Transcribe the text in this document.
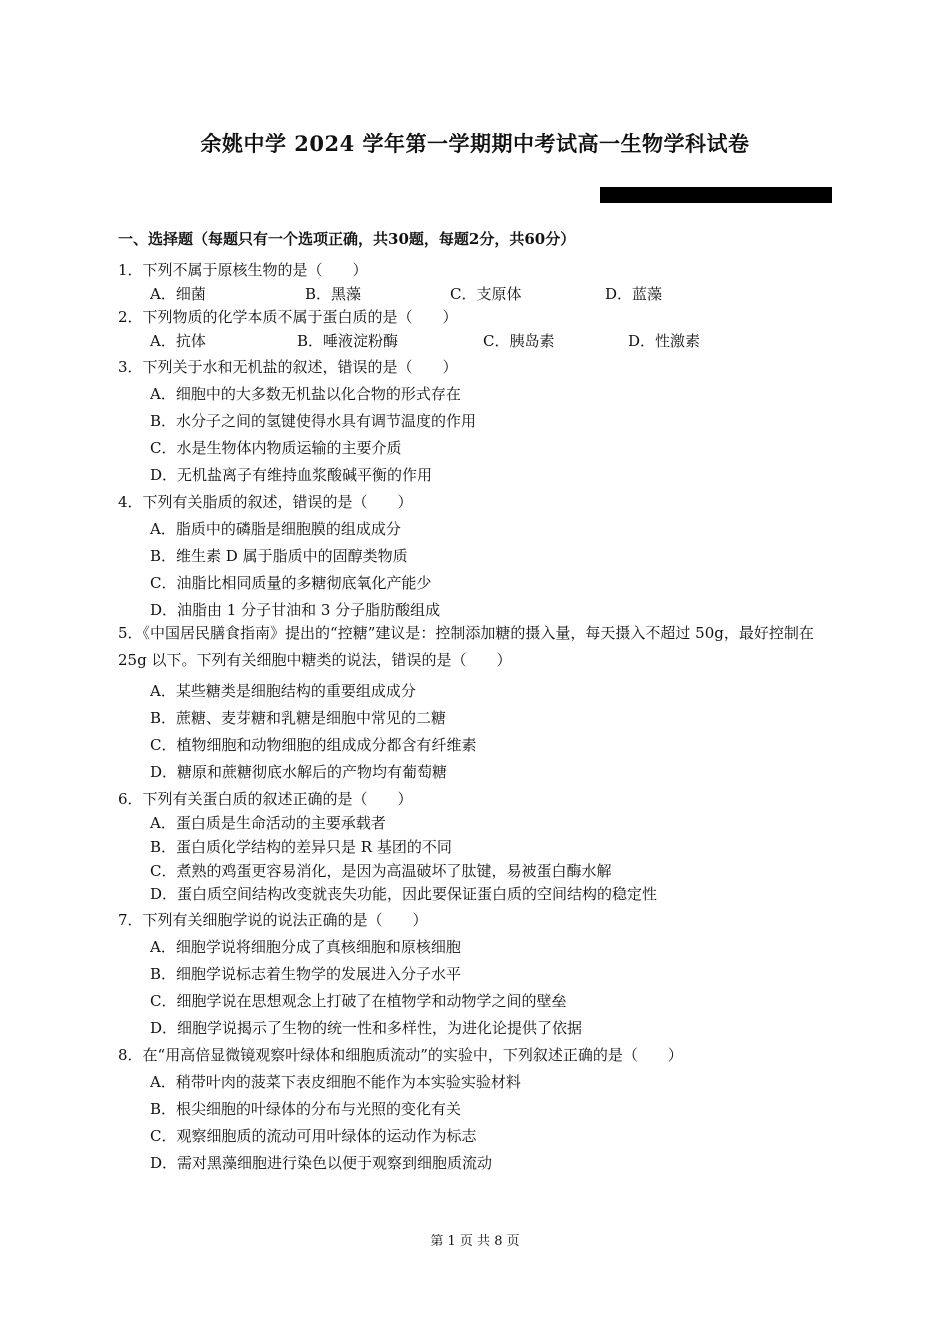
余姚中学 2024 学年第一学期期中考试高一生物学科试卷
一、选择题（每题只有一个选项正确，共30题，每题2分，共60分）
1．下列不属于原核生物的是（　　）
A．细菌	B．黑藻	C．支原体	D．蓝藻
2．下列物质的化学本质不属于蛋白质的是（　　）
A．抗体	B．唾液淀粉酶	C．胰岛素	D．性激素
3．下列关于水和无机盐的叙述，错误的是（　　）
A．细胞中的大多数无机盐以化合物的形式存在
B．水分子之间的氢键使得水具有调节温度的作用
C．水是生物体内物质运输的主要介质
D．无机盐离子有维持血浆酸碱平衡的作用
4．下列有关脂质的叙述，错误的是（　　）
A．脂质中的磷脂是细胞膜的组成成分
B．维生素 D 属于脂质中的固醇类物质
C．油脂比相同质量的多糖彻底氧化产能少
D．油脂由 1 分子甘油和 3 分子脂肪酸组成
5．《中国居民膳食指南》提出的“控糖”建议是：控制添加糖的摄入量，每天摄入不超过 50g，最好控制在 25g 以下。下列有关细胞中糖类的说法，错误的是（　　）
A．某些糖类是细胞结构的重要组成成分
B．蔗糖、麦芽糖和乳糖是细胞中常见的二糖
C．植物细胞和动物细胞的组成成分都含有纤维素
D．糖原和蔗糖彻底水解后的产物均有葡萄糖
6．下列有关蛋白质的叙述正确的是（　　）
A．蛋白质是生命活动的主要承载者
B．蛋白质化学结构的差异只是 R 基团的不同
C．煮熟的鸡蛋更容易消化，是因为高温破坏了肽键，易被蛋白酶水解
D．蛋白质空间结构改变就丧失功能，因此要保证蛋白质的空间结构的稳定性
7．下列有关细胞学说的说法正确的是（　　）
A．细胞学说将细胞分成了真核细胞和原核细胞
B．细胞学说标志着生物学的发展进入分子水平
C．细胞学说在思想观念上打破了在植物学和动物学之间的壁垒
D．细胞学说揭示了生物的统一性和多样性，为进化论提供了依据
8．在“用高倍显微镜观察叶绿体和细胞质流动”的实验中，下列叙述正确的是（　　）
A．稍带叶肉的菠菜下表皮细胞不能作为本实验实验材料
B．根尖细胞的叶绿体的分布与光照的变化有关
C．观察细胞质的流动可用叶绿体的运动作为标志
D．需对黑藻细胞进行染色以便于观察到细胞质流动
第 1 页 共 8 页
